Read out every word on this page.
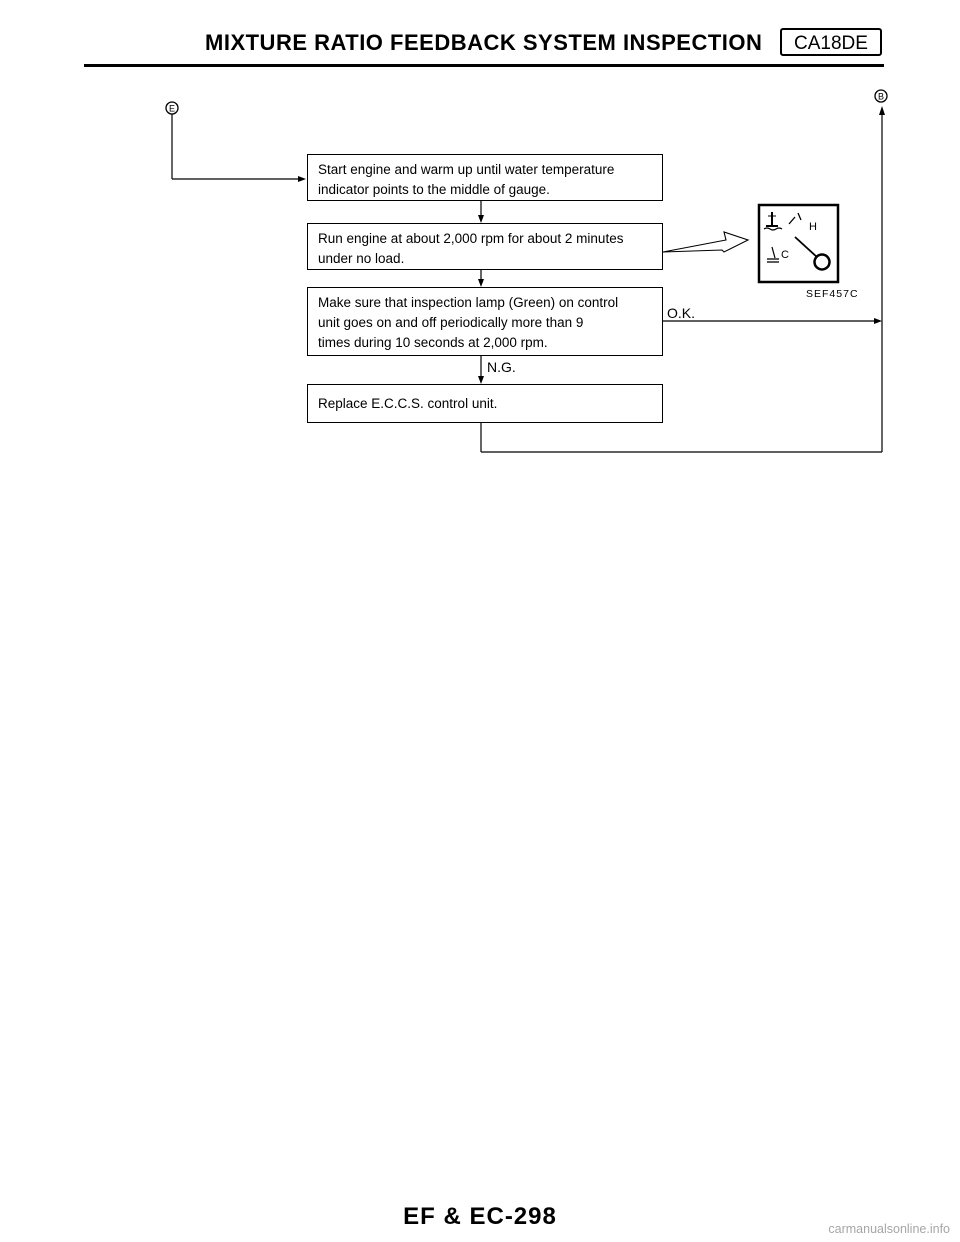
MIXTURE RATIO FEEDBACK SYSTEM INSPECTION	CA18DE
E
B
H
C
Start engine and warm up until water temperature
indicator points to the middle of gauge.
Run engine at about 2,000 rpm for about 2 minutes
under no load.
Make sure that inspection lamp (Green) on control
unit goes on and off periodically more than 9
times during 10 seconds at 2,000 rpm.
Replace E.C.C.S. control unit.
O.K.
N.G.
SEF457C
EF & EC-298	carmanualsonline.info
